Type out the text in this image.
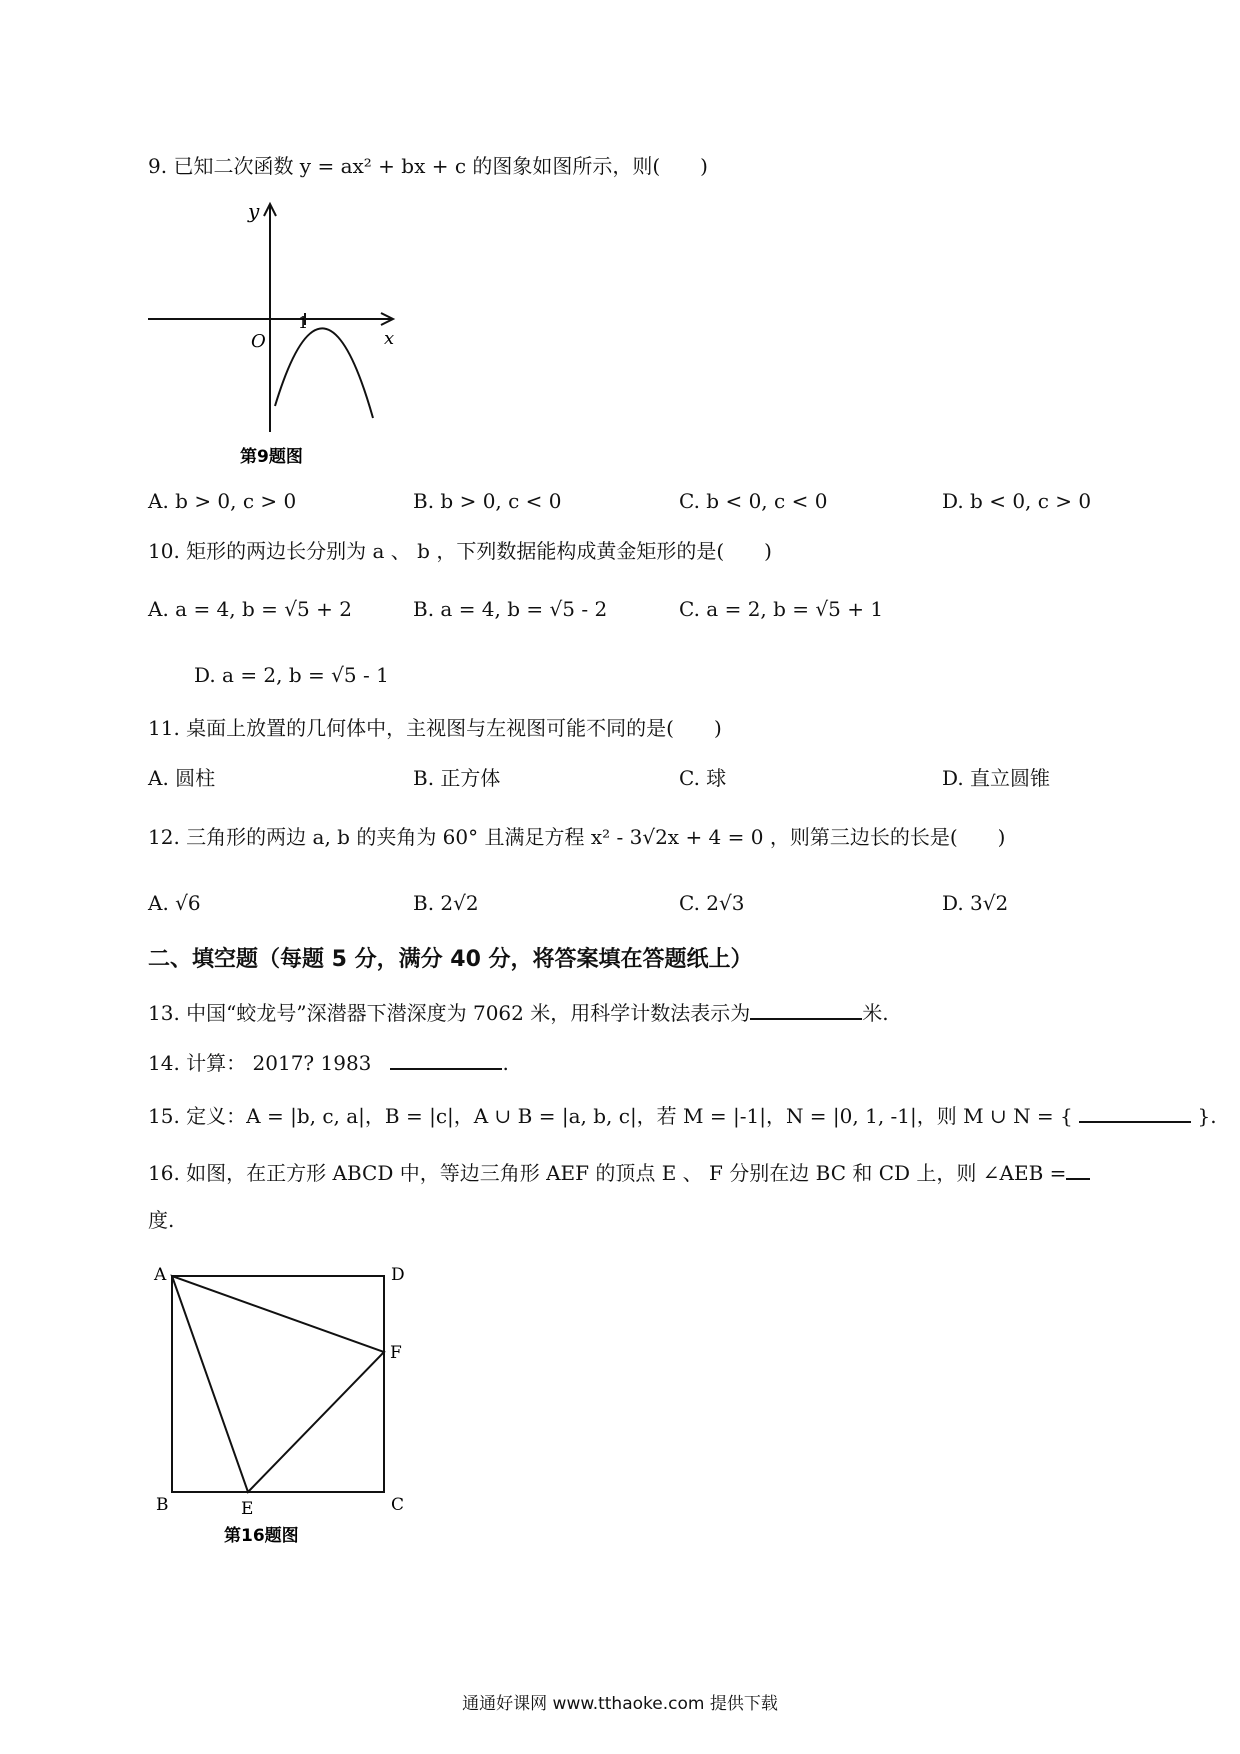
9. 已知二次函数 y = ax² + bx + c 的图象如图所示，则(　　)
y
x
O
1
第9题图
A. b > 0, c > 0	B. b > 0, c < 0	C. b < 0, c < 0	D. b < 0, c > 0
10. 矩形的两边长分别为 a 、 b ，下列数据能构成黄金矩形的是(　　)
A. a = 4, b = √5 + 2	B. a = 4, b = √5 - 2	C. a = 2, b = √5 + 1
D. a = 2, b = √5 - 1
11. 桌面上放置的几何体中，主视图与左视图可能不同的是(　　)
A. 圆柱	B. 正方体	C. 球	D. 直立圆锥
12. 三角形的两边 a, b 的夹角为 60° 且满足方程 x² - 3√2x + 4 = 0 ，则第三边长的长是(　　)
A. √6	B. 2√2	C. 2√3	D. 3√2
二、填空题（每题 5 分，满分 40 分，将答案填在答题纸上）
13. 中国“蛟龙号”深潜器下潜深度为 7062 米，用科学计数法表示为	米.
14. 计算： 2017? 1983	.
15. 定义：A = |b, c, a|，B = |c|，A ∪ B = |a, b, c|，若 M = |-1|，N = |0, 1, -1|，则 M ∪ N = {	}.
16. 如图，在正方形 ABCD 中，等边三角形 AEF 的顶点 E 、 F 分别在边 BC 和 CD 上，则 ∠AEB =
度.
A	D
F
B	E	C
第16题图
通通好课网 www.tthaoke.com 提供下载
